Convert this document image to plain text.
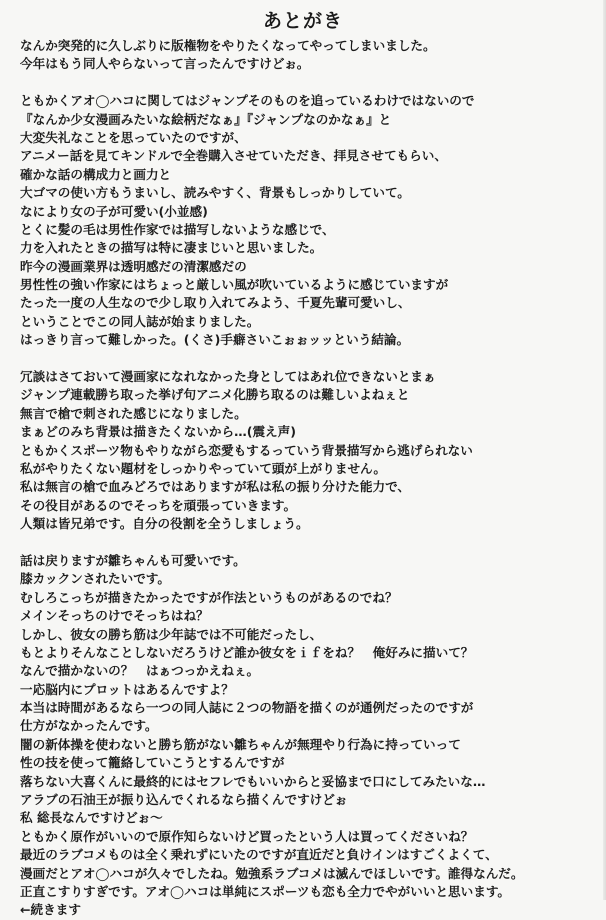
あとがき
なんか突発的に久しぶりに版権物をやりたくなってやってしまいました。
今年はもう同人やらないって言ったんですけどぉ。
ともかくアオ◯ハコに関してはジャンプそのものを追っているわけではないので
『なんか少女漫画みたいな絵柄だなぁ』『ジャンプなのかなぁ』と
大変失礼なことを思っていたのですが、
アニメー話を見てキンドルで全巻購入させていただき、拝見させてもらい、
確かな話の構成力と画力と
大ゴマの使い方もうまいし、読みやすく、背景もしっかりしていて。
なにより女の子が可愛い(小並感)
とくに髪の毛は男性作家では描写しないような感じで、
力を入れたときの描写は特に凄まじいと思いました。
昨今の漫画業界は透明感だの清潔感だの
男性性の強い作家にはちょっと厳しい風が吹いているように感じていますが
たった一度の人生なので少し取り入れてみよう、千夏先輩可愛いし、
ということでこの同人誌が始まりました。
はっきり言って難しかった。(くさ)手癖さいこぉぉッッという結論。
冗談はさておいて漫画家になれなかった身としてはあれ位できないとまぁ
ジャンプ連載勝ち取った挙げ句アニメ化勝ち取るのは難しいよねぇと
無言で槍で刺された感じになりました。
まぁどのみち背景は描きたくないから…(震え声)
ともかくスポーツ物もやりながら恋愛もするっていう背景描写から逃げられない
私がやりたくない題材をしっかりやっていて頭が上がりません。
私は無言の槍で血みどろではありますが私は私の振り分けた能力で、
その役目があるのでそっちを頑張っていきます。
人類は皆兄弟です。自分の役割を全うしましょう。
話は戻りますが雛ちゃんも可愛いです。
膝カックンされたいです。
むしろこっちが描きたかったですが作法というものがあるのでね？
メインそっちのけでそっちはね？
しかし、彼女の勝ち筋は少年誌では不可能だったし、
もとよりそんなことしないだろうけど誰か彼女をｉｆをね？　俺好みに描いて？
なんで描かないの？　はぁつっかえねぇ。
一応脳内にプロットはあるんですよ？
本当は時間があるなら一つの同人誌に２つの物語を描くのが通例だったのですが
仕方がなかったんです。
闇の新体操を使わないと勝ち筋がない雛ちゃんが無理やり行為に持っていって
性の技を使って籠絡していこうとするんですが
落ちない大喜くんに最終的にはセフレでもいいからと妥協まで口にしてみたいな…
アラブの石油王が振り込んでくれるなら描くんですけどぉ
私 総長なんですけどぉ～
ともかく原作がいいので原作知らないけど買ったという人は買ってくださいね？
最近のラブコメものは全く乗れずにいたのですが直近だと負けインはすごくよくて、
漫画だとアオ◯ハコが久々でしたね。勉強系ラブコメは滅んでほしいです。誰得なんだ。
正直こすりすぎです。アオ◯ハコは単純にスポーツも恋も全力でやがいいと思います。
←続きます
